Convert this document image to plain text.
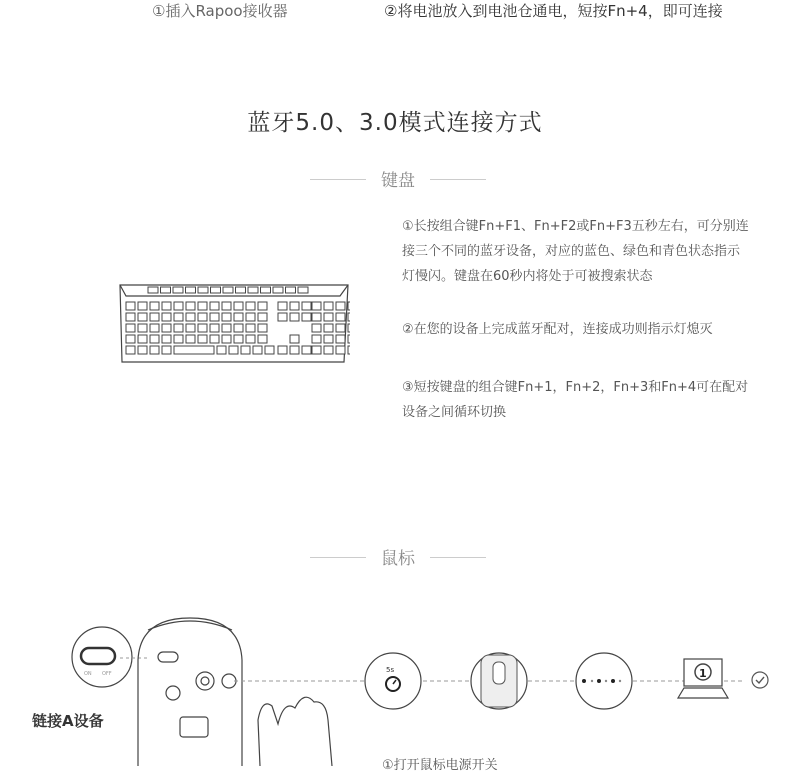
①插入Rapoo接收器	②将电池放入到电池仓通电，短按Fn+4，即可连接
蓝牙5.0、3.0模式连接方式
键盘
①长按组合键Fn+F1、Fn+F2或Fn+F3五秒左右，可分别连接三个不同的蓝牙设备，对应的蓝色、绿色和青色状态指示灯慢闪。键盘在60秒内将处于可被搜索状态
②在您的设备上完成蓝牙配对，连接成功则指示灯熄灭
③短按键盘的组合键Fn+1，Fn+2，Fn+3和Fn+4可在配对设备之间循环切换
鼠标
ON OFF	5s	1
链接A设备
①打开鼠标电源开关
